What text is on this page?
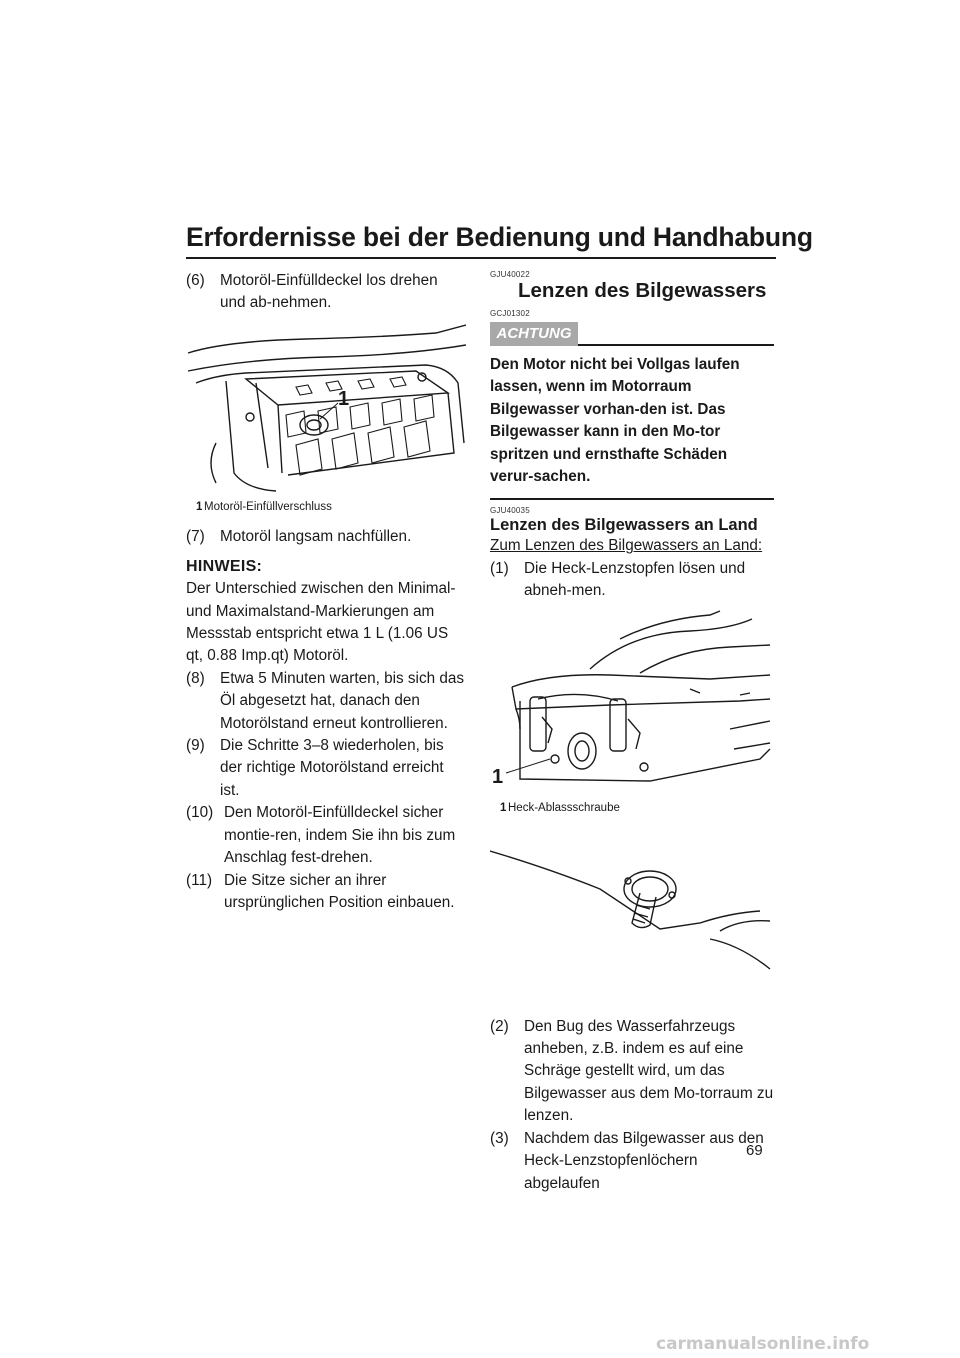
Erfordernisse bei der Bedienung und Handhabung
(6) Motoröl-Einfülldeckel los drehen und ab-nehmen.
1
1 Motoröl-Einfüllverschluss
(7) Motoröl langsam nachfüllen.
HINWEIS:

Der Unterschied zwischen den Minimal- und Maximalstand-Markierungen am Messstab entspricht etwa 1 L (1.06 US qt, 0.88 Imp.qt) Motoröl.

(8) Etwa 5 Minuten warten, bis sich das Öl abgesetzt hat, danach den Motorölstand erneut kontrollieren.
(9) Die Schritte 3–8 wiederholen, bis der richtige Motorölstand erreicht ist.
(10) Den Motoröl-Einfülldeckel sicher montie-ren, indem Sie ihn bis zum Anschlag fest-drehen.
(11) Die Sitze sicher an ihrer ursprünglichen Position einbauen.
GJU40022
Lenzen des Bilgewassers
GCJ01302
ACHTUNG

Den Motor nicht bei Vollgas laufen lassen, wenn im Motorraum Bilgewasser vorhan-den ist. Das Bilgewasser kann in den Mo-tor spritzen und ernsthafte Schäden verur-sachen.

GJU40035
Lenzen des Bilgewassers an Land

Zum Lenzen des Bilgewassers an Land:

(1) Die Heck-Lenzstopfen lösen und abneh-men.
1
1 Heck-Ablassschraube
(2) Den Bug des Wasserfahrzeugs anheben, z.B. indem es auf eine Schräge gestellt wird, um das Bilgewasser aus dem Mo-torraum zu lenzen.
(3) Nachdem das Bilgewasser aus den Heck-Lenzstopfenlöchern abgelaufen
69
carmanualsonline.info
